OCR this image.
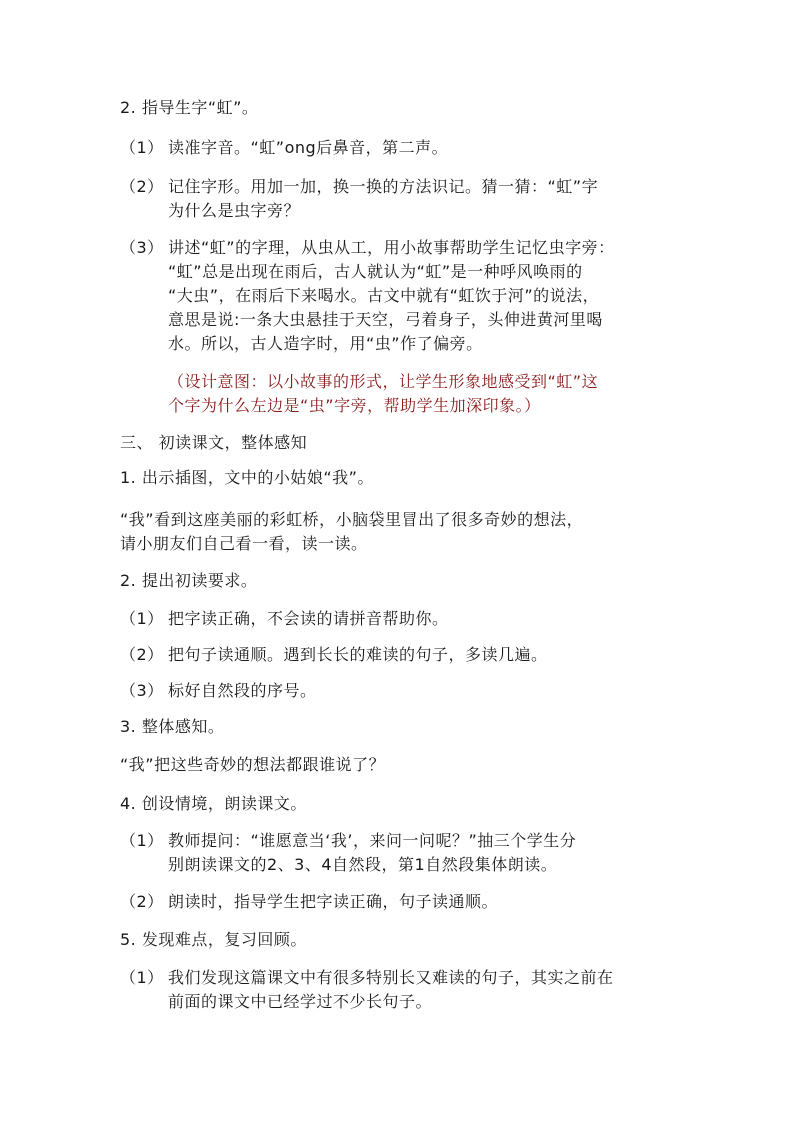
2. 指导生字“虹”。
（1） 读准字音。“虹”ong后鼻音，第二声。
（2） 记住字形。用加一加，换一换的方法识记。猜一猜：“虹”字
为什么是虫字旁？
（3） 讲述“虹”的字理，从虫从工，用小故事帮助学生记忆虫字旁：
“虹”总是出现在雨后，古人就认为“虹”是一种呼风唤雨的
“大虫”，在雨后下来喝水。古文中就有“虹饮于河”的说法，
意思是说:一条大虫悬挂于天空，弓着身子，头伸进黄河里喝
水。所以，古人造字时，用“虫”作了偏旁。
（设计意图：以小故事的形式，让学生形象地感受到“虹”这
个字为什么左边是“虫”字旁，帮助学生加深印象。）
三、 初读课文，整体感知
1. 出示插图，文中的小姑娘“我”。
“我”看到这座美丽的彩虹桥，小脑袋里冒出了很多奇妙的想法，
请小朋友们自己看一看，读一读。
2. 提出初读要求。
（1） 把字读正确，不会读的请拼音帮助你。
（2） 把句子读通顺。遇到长长的难读的句子，多读几遍。
（3） 标好自然段的序号。
3. 整体感知。
“我”把这些奇妙的想法都跟谁说了？
4. 创设情境，朗读课文。
（1） 教师提问：“谁愿意当‘我’，来问一问呢？”抽三个学生分
别朗读课文的2、3、4自然段，第1自然段集体朗读。
（2） 朗读时，指导学生把字读正确，句子读通顺。
5. 发现难点，复习回顾。
（1） 我们发现这篇课文中有很多特别长又难读的句子，其实之前在
前面的课文中已经学过不少长句子。
